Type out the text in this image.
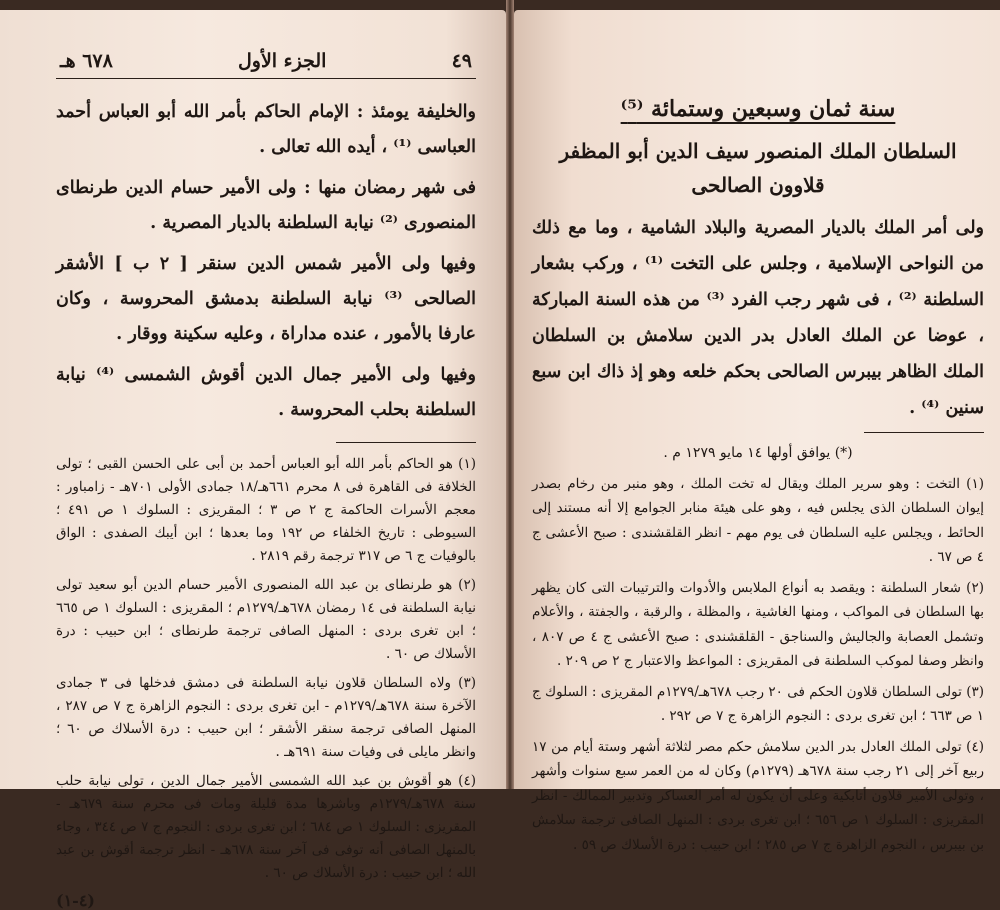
٤٩
الجزء الأول
٦٧٨ هـ

والخليفة يومئذ : الإمام الحاكم بأمر الله أبو العباس أحمد العباسى ⁽¹⁾ ، أيده الله تعالى .

فى شهر رمضان منها : ولى الأمير حسام الدين طرنطاى المنصورى ⁽²⁾ نيابة السلطنة بالديار المصرية .

وفيها ولى الأمير شمس الدين سنقر [ ٢ ب ] الأشقر الصالحى ⁽³⁾ نيابة السلطنة بدمشق المحروسة ، وكان عارفا بالأمور ، عنده مداراة ، وعليه سكينة ووقار .

وفيها ولى الأمير جمال الدين أقوش الشمسى ⁽⁴⁾ نيابة السلطنة بحلب المحروسة .

(١) هو الحاكم بأمر الله أبو العباس أحمد بن أبى على الحسن القبى ؛ تولى الخلافة فى القاهرة فى ٨ محرم ٦٦١هـ/١٨ جمادى الأولى ٧٠١هـ - زامباور : معجم الأسرات الحاكمة ج ٢ ص ٣ ؛ المقريزى : السلوك ١ ص ٤٩١ ؛ السيوطى : تاريخ الخلفاء ص ١٩٢ وما بعدها ؛ ابن أيبك الصفدى : الواق بالوفيات ج ٦ ص ٣١٧ ترجمة رقم ٢٨١٩ .

(٢) هو طرنطاى بن عبد الله المنصورى الأمير حسام الدين أبو سعيد تولى نيابة السلطنة فى ١٤ رمضان ٦٧٨هـ/١٢٧٩م ؛ المقريزى : السلوك ١ ص ٦٦٥ ؛ ابن تغرى بردى : المنهل الصافى ترجمة طرنطاى ؛ ابن حبيب : درة الأسلاك ص ٦٠ .

(٣) ولاه السلطان قلاون نيابة السلطنة فى دمشق فدخلها فى ٣ جمادى الآخرة سنة ٦٧٨هـ/١٢٧٩م - ابن تغرى بردى : النجوم الزاهرة ج ٧ ص ٢٨٧ ، المنهل الصافى ترجمة سنقر الأشقر ؛ ابن حبيب : درة الأسلاك ص ٦٠ ؛ وانظر مايلى فى وفيات سنة ٦٩١هـ .

(٤) هو أقوش بن عبد الله الشمسى الأمير جمال الدين ، تولى نيابة حلب سنة ٦٧٨هـ/١٢٧٩م وباشرها مدة قليلة ومات فى محرم سنة ٦٧٩هـ - المقريزى : السلوك ١ ص ٦٨٤ ؛ ابن تغرى بردى : النجوم ج ٧ ص ٣٤٤ ، وجاء بالمنهل الصافى أنه توفى فى آخر سنة ٦٧٨هـ - انظر ترجمة أقوش بن عبد الله ؛ ابن حبيب : درة الأسلاك ص ٦٠ .

(٤-١)
سنة ثمان وسبعين وستمائة ⁽⁵⁾
السلطان الملك المنصور سيف الدين أبو المظفر قلاوون الصالحى

ولى أمر الملك بالديار المصرية والبلاد الشامية ، وما مع ذلك من النواحى الإسلامية ، وجلس على التخت ⁽¹⁾ ، وركب بشعار السلطنة ⁽²⁾ ، فى شهر رجب الفرد ⁽³⁾ من هذه السنة المباركة ، عوضا عن الملك العادل بدر الدين سلامش بن السلطان الملك الظاهر بيبرس الصالحى بحكم خلعه وهو إذ ذاك ابن سبع سنين ⁽⁴⁾ .

(*) يوافق أولها ١٤ مايو ١٢٧٩ م .

(١) التخت : وهو سرير الملك ويقال له تخت الملك ، وهو منبر من رخام بصدر إيوان السلطان الذى يجلس فيه ، وهو على هيئة منابر الجوامع إلا أنه مستند إلى الحائط ، ويجلس عليه السلطان فى يوم مهم - انظر القلقشندى : صبح الأعشى ج ٤ ص ٦٧ .

(٢) شعار السلطنة : ويقصد به أنواع الملابس والأدوات والترتيبات التى كان يظهر بها السلطان فى المواكب ، ومنها الغاشية ، والمظلة ، والرقبة ، والجفتة ، والأعلام وتشمل العصابة والجاليش والسناجق - القلقشندى : صبح الأعشى ج ٤ ص ٨٠٧ ، وانظر وصفا لموكب السلطنة فى المقريزى : المواعظ والاعتبار ج ٢ ص ٢٠٩ .

(٣) تولى السلطان قلاون الحكم فى ٢٠ رجب ٦٧٨هـ/١٢٧٩م المقريزى : السلوك ج ١ ص ٦٦٣ ؛ ابن تغرى بردى : النجوم الزاهرة ج ٧ ص ٢٩٢ .

(٤) تولى الملك العادل بدر الدين سلامش حكم مصر لثلاثة أشهر وستة أيام من ١٧ ربيع آخر إلى ٢١ رجب سنة ٦٧٨هـ (١٢٧٩م) وكان له من العمر سبع سنوات وأشهر ، وتولى الأمير قلاون أتابكية وعلى أن يكون له أمر العساكر وتدبير الممالك - انظر المقريزى : السلوك ١ ص ٦٥٦ ؛ ابن تغرى بردى : المنهل الصافى ترجمة سلامش بن بيبرس ، النجوم الزاهرة ج ٧ ص ٢٨٥ ؛ ابن حبيب : درة الأسلاك ص ٥٩ .
